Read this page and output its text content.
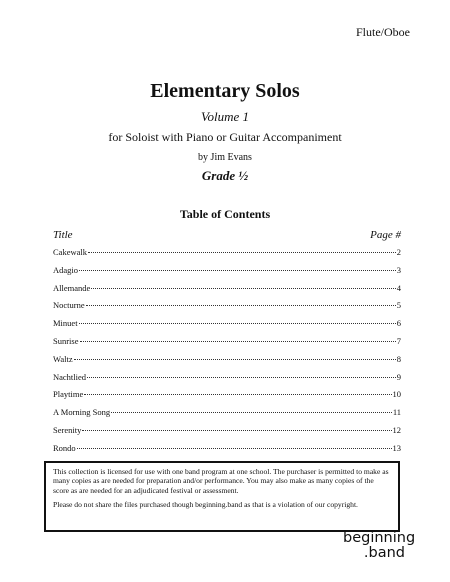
Flute/Oboe
Elementary Solos
Volume 1
for Soloist with Piano or Guitar Accompaniment
by Jim Evans
Grade ½
Table of Contents
Title	Page #
Cakewalk	2
Adagio	3
Allemande	4
Nocturne	5
Minuet	6
Sunrise	7
Waltz	8
Nachtlied	9
Playtime	10
A Morning Song	11
Serenity	12
Rondo	13

This collection is licensed for use with one band program at one school. The purchaser is permitted to make as many copies as are needed for preparation and/or performance. You may also make as many copies of the score as are needed for an adjudicated festival or assessment.

Please do not share the files purchased though beginning.band as that is a violation of our copyright.

beginning
.band
